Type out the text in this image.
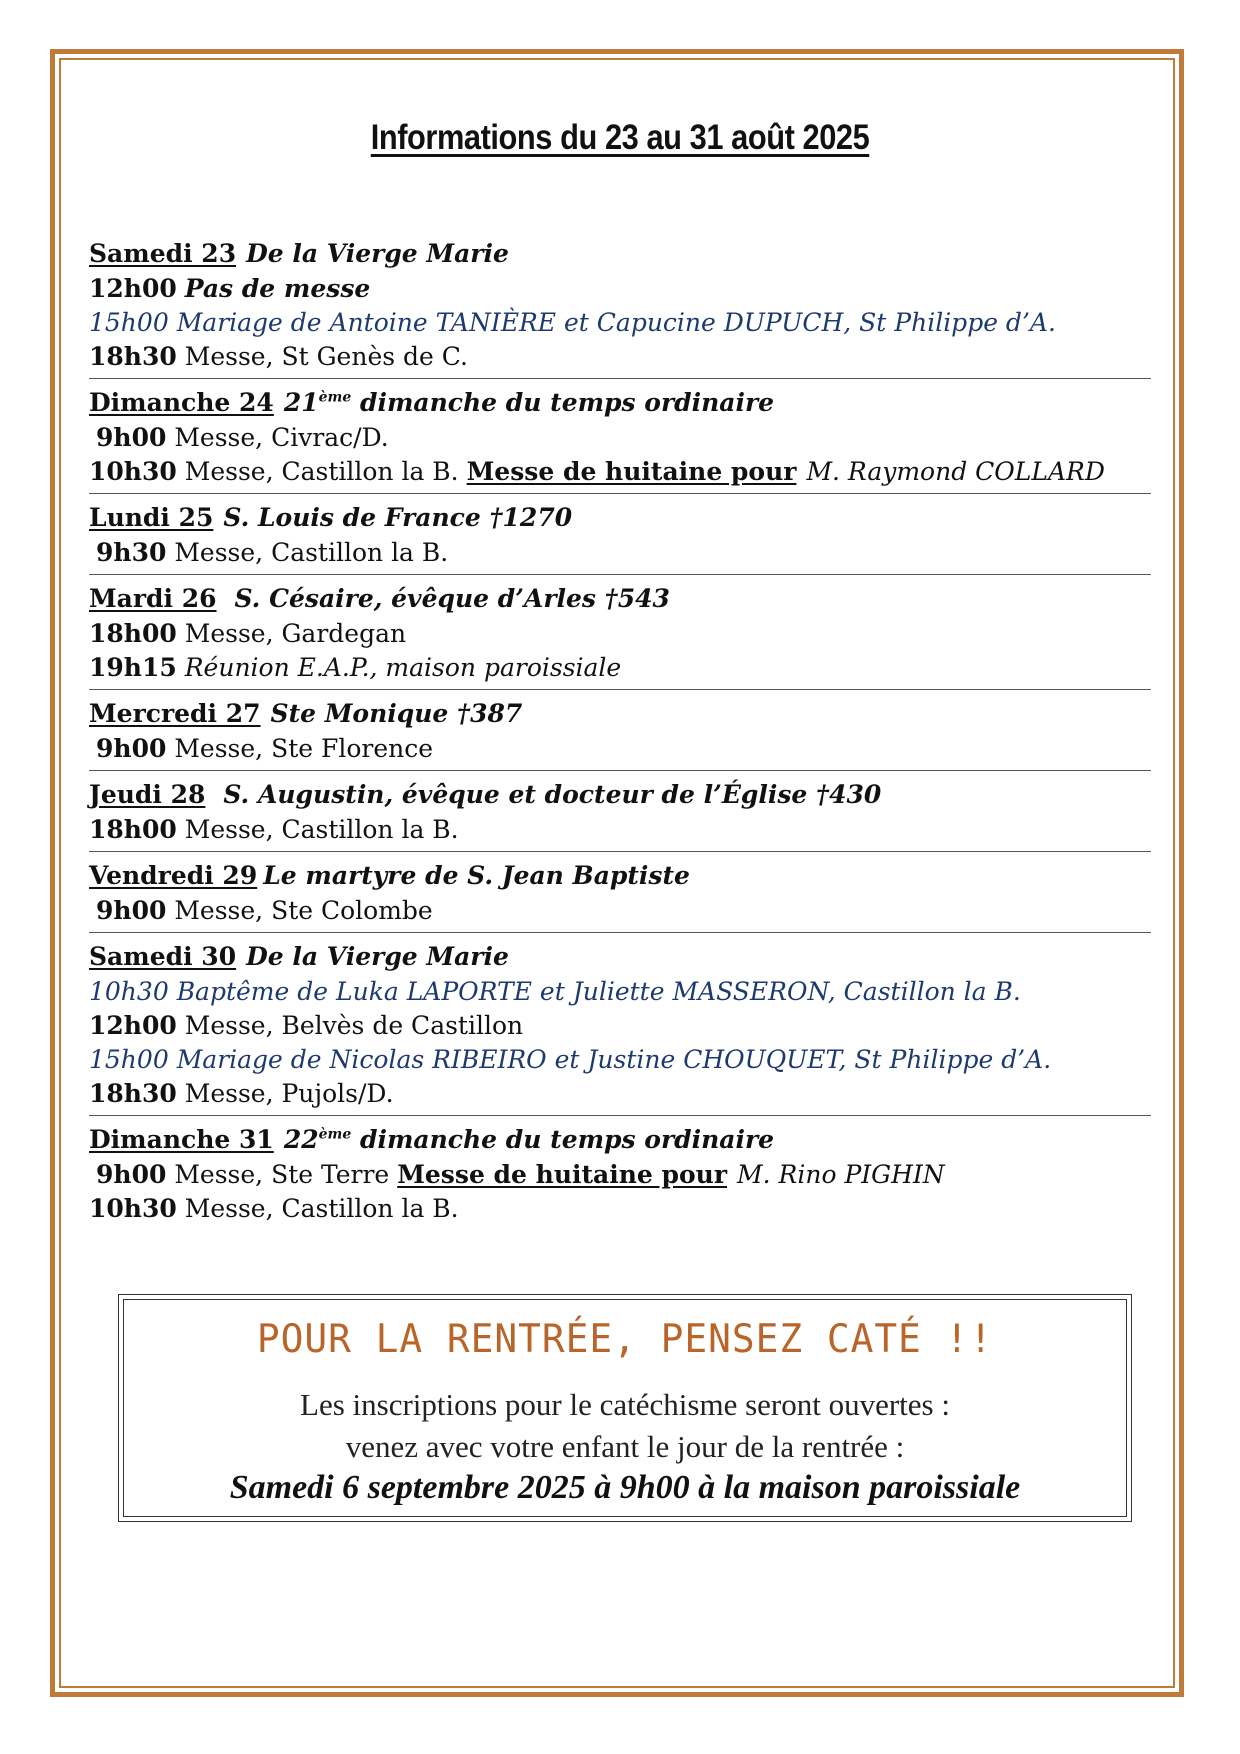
Informations du 23 au 31 août 2025
Samedi 23 De la Vierge Marie
12h00 Pas de messe
15h00 Mariage de Antoine TANIÈRE et Capucine DUPUCH, St Philippe d’A.
18h30 Messe, St Genès de C.
Dimanche 24 21ème dimanche du temps ordinaire
9h00 Messe, Civrac/D.
10h30 Messe, Castillon la B. Messe de huitaine pour M. Raymond COLLARD
Lundi 25 S. Louis de France †1270
9h30 Messe, Castillon la B.
Mardi 26 S. Césaire, évêque d’Arles †543
18h00 Messe, Gardegan
19h15 Réunion E.A.P., maison paroissiale
Mercredi 27 Ste Monique †387
9h00 Messe, Ste Florence
Jeudi 28 S. Augustin, évêque et docteur de l’Église †430
18h00 Messe, Castillon la B.
Vendredi 29 Le martyre de S. Jean Baptiste
9h00 Messe, Ste Colombe
Samedi 30 De la Vierge Marie
10h30 Baptême de Luka LAPORTE et Juliette MASSERON, Castillon la B.
12h00 Messe, Belvès de Castillon
15h00 Mariage de Nicolas RIBEIRO et Justine CHOUQUET, St Philippe d’A.
18h30 Messe, Pujols/D.
Dimanche 31 22ème dimanche du temps ordinaire
9h00 Messe, Ste Terre Messe de huitaine pour M. Rino PIGHIN
10h30 Messe, Castillon la B.
POUR LA RENTRÉE, PENSEZ CATÉ !!
Les inscriptions pour le catéchisme seront ouvertes :
venez avec votre enfant le jour de la rentrée :
Samedi 6 septembre 2025 à 9h00 à la maison paroissiale
